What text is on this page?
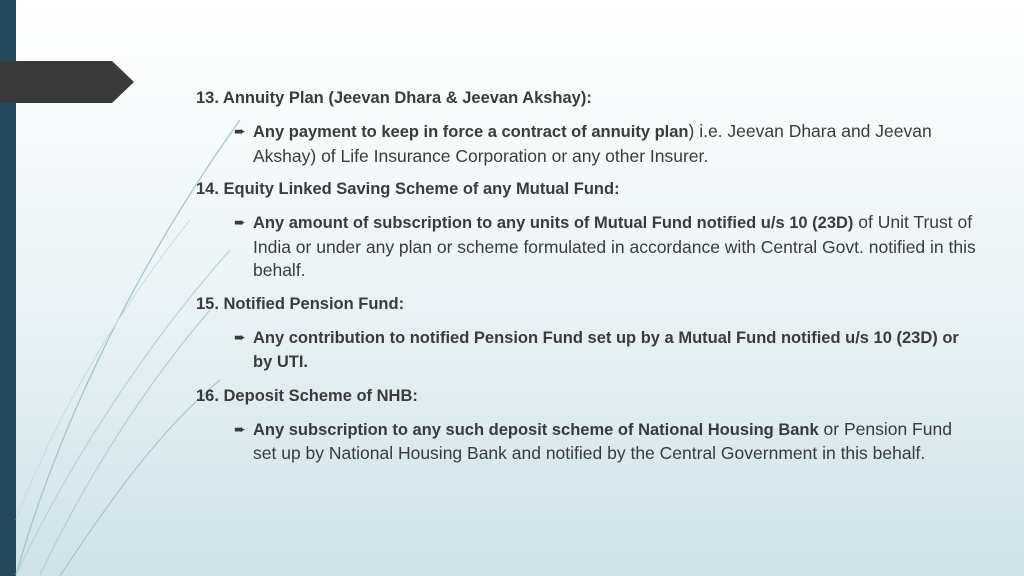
13. Annuity Plan (Jeevan Dhara & Jeevan Akshay):
➨ Any payment to keep in force a contract of annuity plan) i.e. Jeevan Dhara and Jeevan Akshay) of Life Insurance Corporation or any other Insurer.
14. Equity Linked Saving Scheme of any Mutual Fund:
➨ Any amount of subscription to any units of Mutual Fund notified u/s 10 (23D) of Unit Trust of India or under any plan or scheme formulated in accordance with Central Govt. notified in this behalf.
15. Notified Pension Fund:
➨ Any contribution to notified Pension Fund set up by a Mutual Fund notified u/s 10 (23D) or by UTI.
16. Deposit Scheme of NHB:
➨ Any subscription to any such deposit scheme of National Housing Bank or Pension Fund set up by National Housing Bank and notified by the Central Government in this behalf.
